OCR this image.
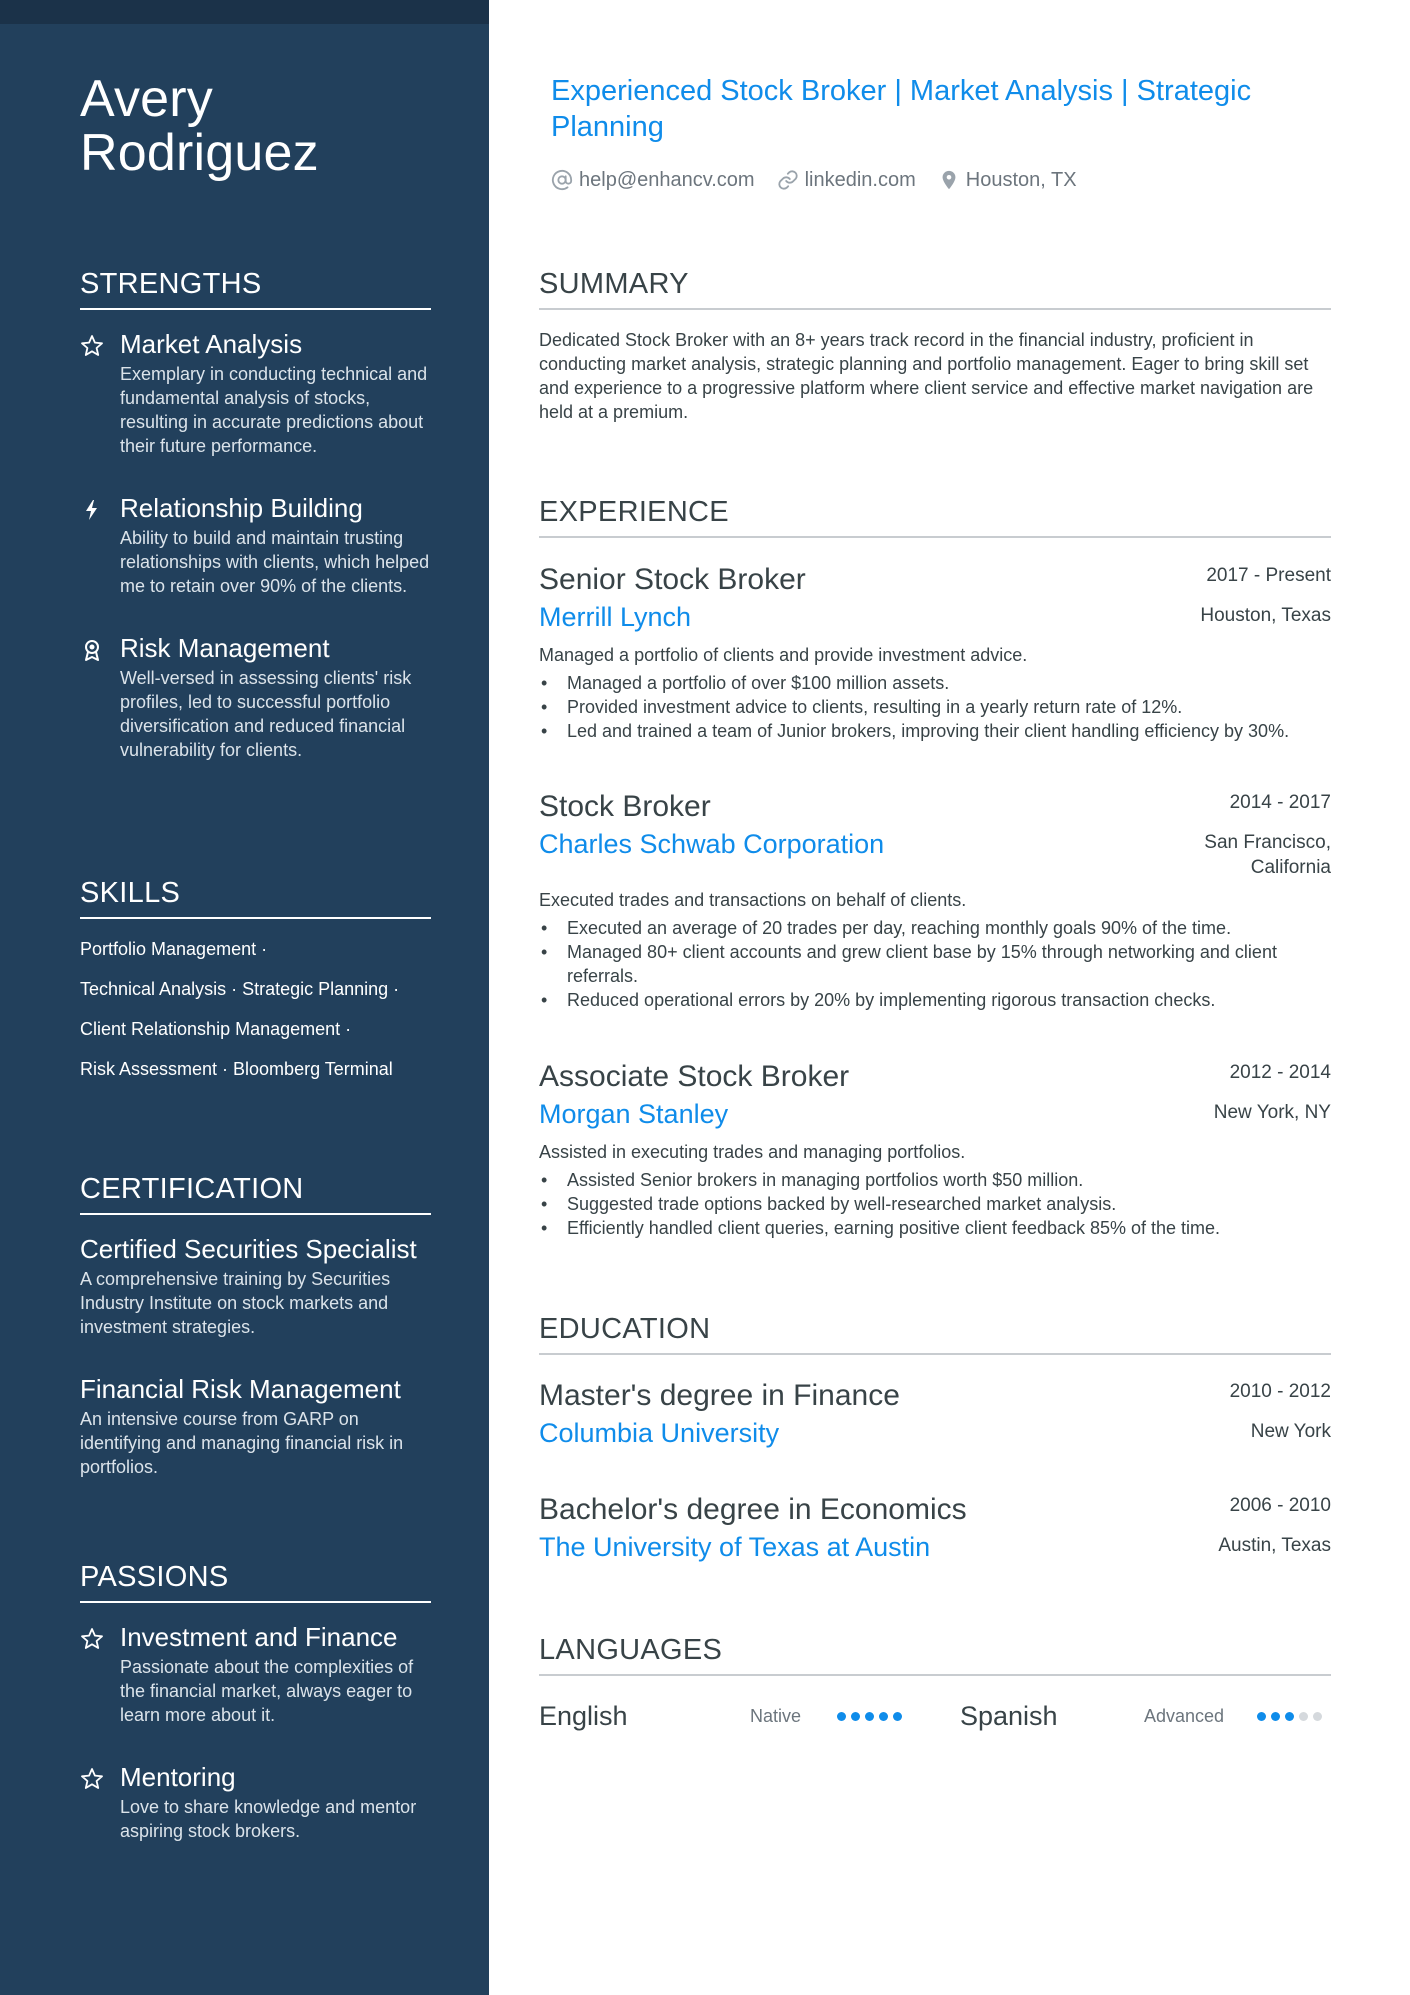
Avery Rodriguez
STRENGTHS
Market Analysis
Exemplary in conducting technical and fundamental analysis of stocks, resulting in accurate predictions about their future performance.
Relationship Building
Ability to build and maintain trusting relationships with clients, which helped me to retain over 90% of the clients.
Risk Management
Well-versed in assessing clients' risk profiles, led to successful portfolio diversification and reduced financial vulnerability for clients.
SKILLS
Portfolio Management ·
Technical Analysis · Strategic Planning ·
Client Relationship Management ·
Risk Assessment · Bloomberg Terminal
CERTIFICATION
Certified Securities Specialist
A comprehensive training by Securities Industry Institute on stock markets and investment strategies.
Financial Risk Management
An intensive course from GARP on identifying and managing financial risk in portfolios.
PASSIONS
Investment and Finance
Passionate about the complexities of the financial market, always eager to learn more about it.
Mentoring
Love to share knowledge and mentor aspiring stock brokers.
Experienced Stock Broker | Market Analysis | Strategic Planning
help@enhancv.com	linkedin.com	Houston, TX
SUMMARY
Dedicated Stock Broker with an 8+ years track record in the financial industry, proficient in conducting market analysis, strategic planning and portfolio management. Eager to bring skill set and experience to a progressive platform where client service and effective market navigation are held at a premium.
EXPERIENCE
Senior Stock Broker	2017 - Present
Merrill Lynch	Houston, Texas
Managed a portfolio of clients and provide investment advice.
• Managed a portfolio of over $100 million assets.
• Provided investment advice to clients, resulting in a yearly return rate of 12%.
• Led and trained a team of Junior brokers, improving their client handling efficiency by 30%.
Stock Broker	2014 - 2017
Charles Schwab Corporation	San Francisco, California
Executed trades and transactions on behalf of clients.
• Executed an average of 20 trades per day, reaching monthly goals 90% of the time.
• Managed 80+ client accounts and grew client base by 15% through networking and client referrals.
• Reduced operational errors by 20% by implementing rigorous transaction checks.
Associate Stock Broker	2012 - 2014
Morgan Stanley	New York, NY
Assisted in executing trades and managing portfolios.
• Assisted Senior brokers in managing portfolios worth $50 million.
• Suggested trade options backed by well-researched market analysis.
• Efficiently handled client queries, earning positive client feedback 85% of the time.
EDUCATION
Master's degree in Finance	2010 - 2012
Columbia University	New York
Bachelor's degree in Economics	2006 - 2010
The University of Texas at Austin	Austin, Texas
LANGUAGES
English	Native	Spanish	Advanced
